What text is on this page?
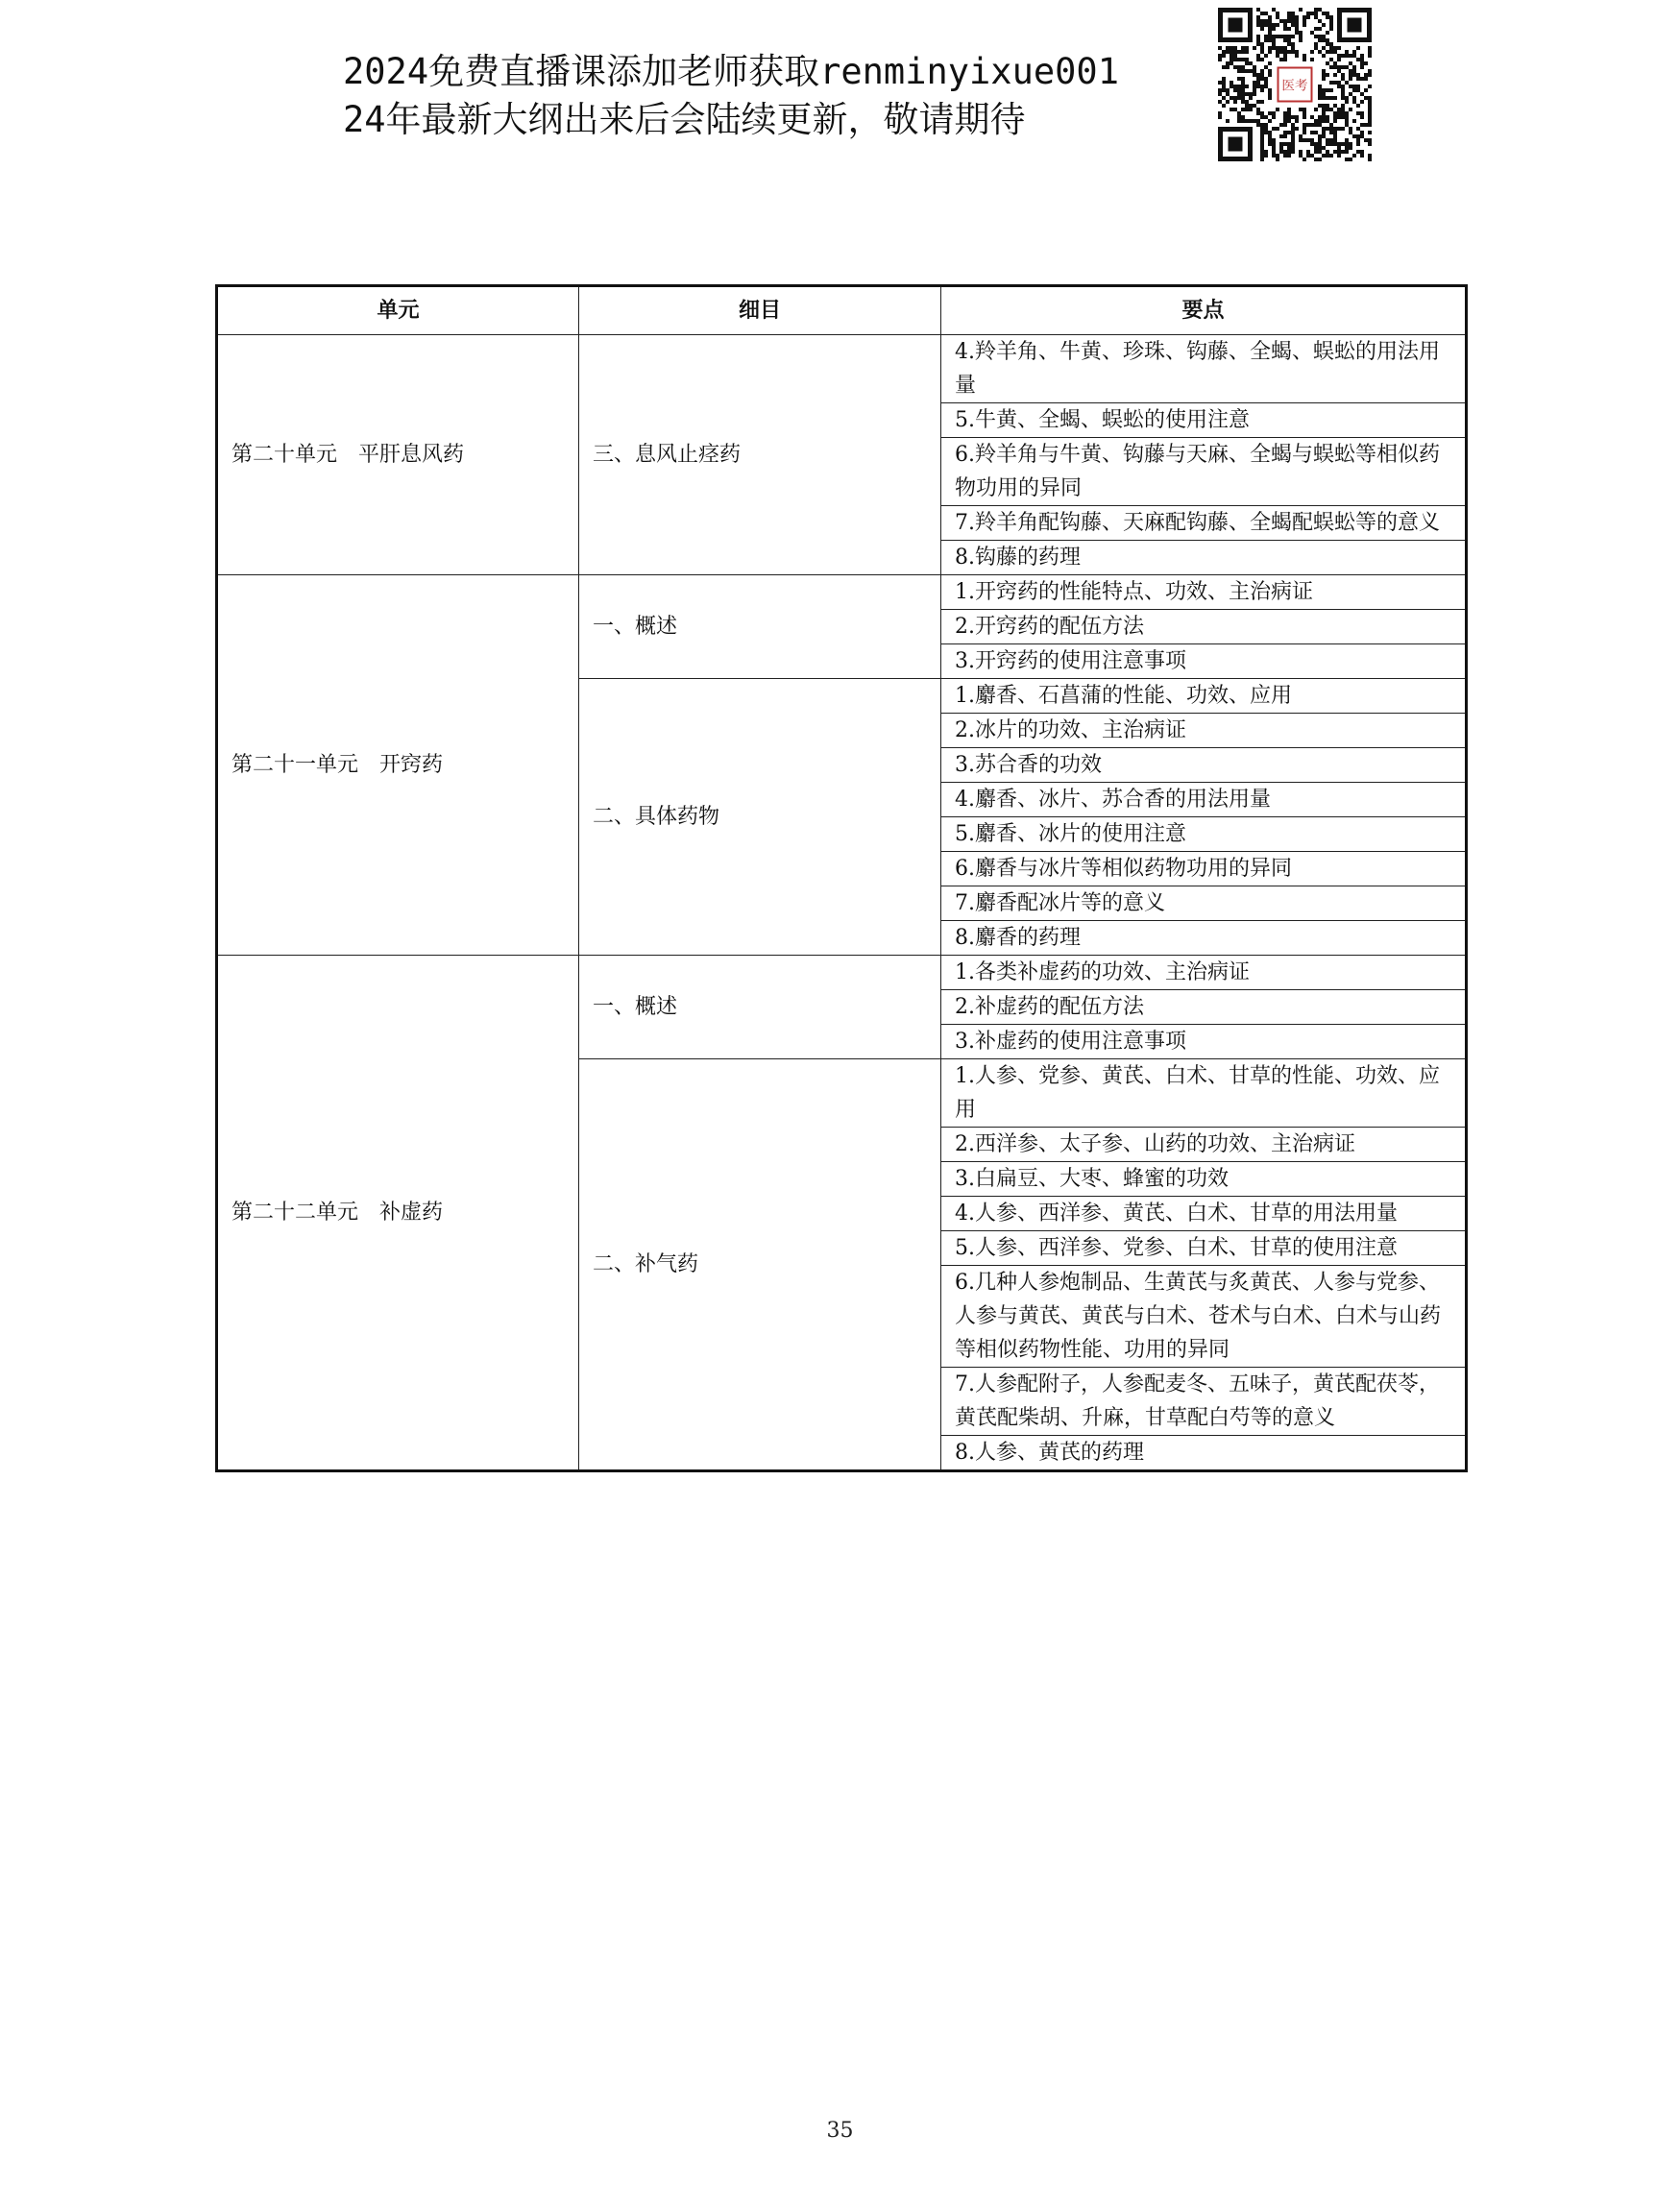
2024免费直播课添加老师获取renminyixue001
24年最新大纲出来后会陆续更新，敬请期待
医考
单元	细目	要点
第二十单元　平肝息风药	三、息风止痉药	4.羚羊角、牛黄、珍珠、钩藤、全蝎、蜈蚣的用法用量
		5.牛黄、全蝎、蜈蚣的使用注意
		6.羚羊角与牛黄、钩藤与天麻、全蝎与蜈蚣等相似药物功用的异同
		7.羚羊角配钩藤、天麻配钩藤、全蝎配蜈蚣等的意义
		8.钩藤的药理
第二十一单元　开窍药	一、概述	1.开窍药的性能特点、功效、主治病证
		2.开窍药的配伍方法
		3.开窍药的使用注意事项
	二、具体药物	1.麝香、石菖蒲的性能、功效、应用
		2.冰片的功效、主治病证
		3.苏合香的功效
		4.麝香、冰片、苏合香的用法用量
		5.麝香、冰片的使用注意
		6.麝香与冰片等相似药物功用的异同
		7.麝香配冰片等的意义
		8.麝香的药理
第二十二单元　补虚药	一、概述	1.各类补虚药的功效、主治病证
		2.补虚药的配伍方法
		3.补虚药的使用注意事项
	二、补气药	1.人参、党参、黄芪、白术、甘草的性能、功效、应用
		2.西洋参、太子参、山药的功效、主治病证
		3.白扁豆、大枣、蜂蜜的功效
		4.人参、西洋参、黄芪、白术、甘草的用法用量
		5.人参、西洋参、党参、白术、甘草的使用注意
		6.几种人参炮制品、生黄芪与炙黄芪、人参与党参、人参与黄芪、黄芪与白术、苍术与白术、白术与山药等相似药物性能、功用的异同
		7.人参配附子，人参配麦冬、五味子，黄芪配茯苓，黄芪配柴胡、升麻，甘草配白芍等的意义
		8.人参、黄芪的药理
35
